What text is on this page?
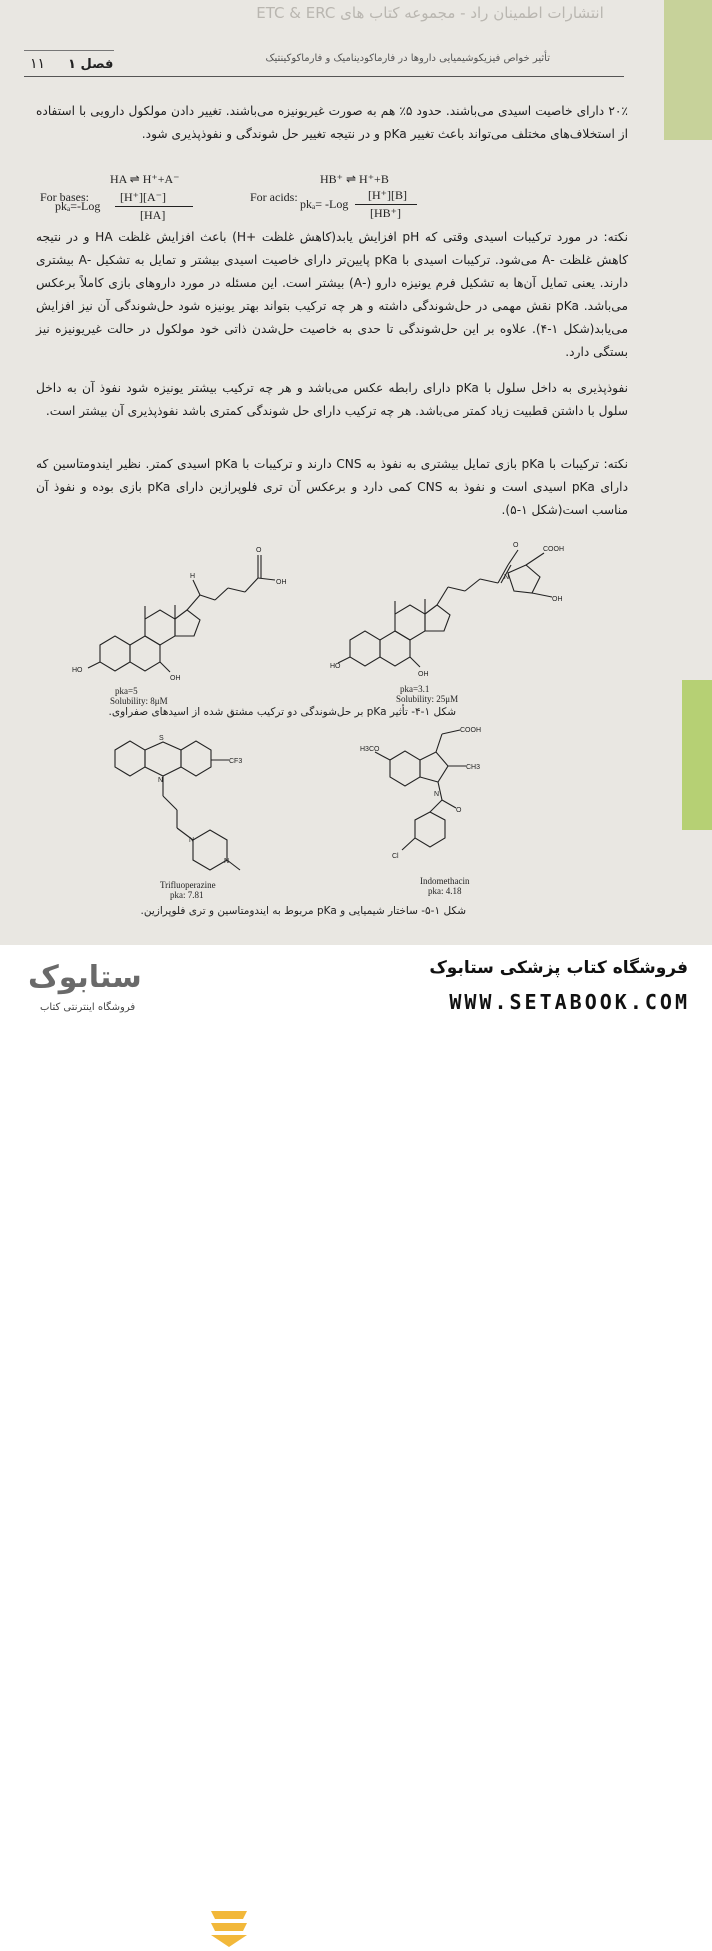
انتشارات اطمینان راد - مجموعه کتاب های ETC & ERC
تأثیر خواص فیزیکوشیمیایی داروها در فارماکودینامیک و فارماکوکینتیک
فصل ۱
۱۱
۲۰٪ دارای خاصیت اسیدی می‌باشند. حدود ۵٪ هم به صورت غیریونیزه می‌باشند. تغییر دادن مولکول دارویی با استفاده از استخلاف‌های مختلف می‌تواند باعث تغییر pKa و در نتیجه تغییر حل شوندگی و نفوذپذیری شود.
HA ⇌ H⁺+A⁻
For bases:	[H⁺][A⁻]
pkₐ=-Log
[HA]
HB⁺ ⇌ H⁺+B
For acids:	[H⁺][B]
pkₐ= -Log
[HB⁺]
نکته: در مورد ترکیبات اسیدی وقتی که pH افزایش یابد(کاهش غلظت +H) باعث افزایش غلظت HA و در نتیجه کاهش غلظت -A می‌شود. ترکیبات اسیدی با pKa پایین‌تر دارای خاصیت اسیدی بیشتر و تمایل به تشکیل -A بیشتری دارند. یعنی تمایل آن‌ها به تشکیل فرم یونیزه دارو (-A) بیشتر است. این مسئله در مورد داروهای بازی کاملاً برعکس می‌باشد. pKa نقش مهمی در حل‌شوندگی داشته و هر چه ترکیب بتواند بهتر یونیزه شود حل‌شوندگی آن نیز افزایش می‌یابد(شکل ۱-۴). علاوه بر این حل‌شوندگی تا حدی به خاصیت حل‌شدن ذاتی خود مولکول در حالت غیریونیزه نیز بستگی دارد.
نفوذپذیری به داخل سلول با pKa دارای رابطه عکس می‌باشد و هر چه ترکیب بیشتر یونیزه شود نفوذ آن به داخل سلول با داشتن قطبیت زیاد کمتر می‌باشد. هر چه ترکیب دارای حل شوندگی کمتری باشد نفوذپذیری آن بیشتر است.
نکته: ترکیبات با pKa بازی تمایل بیشتری به نفوذ به CNS دارند و ترکیبات با pKa اسیدی کمتر. نظیر ایندومتاسین که دارای pKa اسیدی است و نفوذ به CNS کمی دارد و برعکس آن تری فلوپرازین دارای pKa بازی بوده و نفوذ آن مناسب است(شکل ۱-۵).
HO
OH
OH
O
H
pka=5
Solubility: 8μM
HO
OH
N
COOH
OH
O
pka=3.1
Solubility: 25μM
شکل ۱-۴- تأثیر pKa بر حل‌شوندگی دو ترکیب مشتق شده از اسیدهای صفراوی.
S
N
CF3
N
N
Trifluoperazine
pka: 7.81
COOH
H3CO
CH3
N
O
Cl
Indomethacin
pka: 4.18
شکل ۱-۵- ساختار شیمیایی و pKa مربوط به ایندومتاسین و تری فلوپرازین.
ستابوک
فروشگاه اینترنتی کتاب
فروشگاه کتاب پزشکی ستابوک
WWW.SETABOOK.COM
